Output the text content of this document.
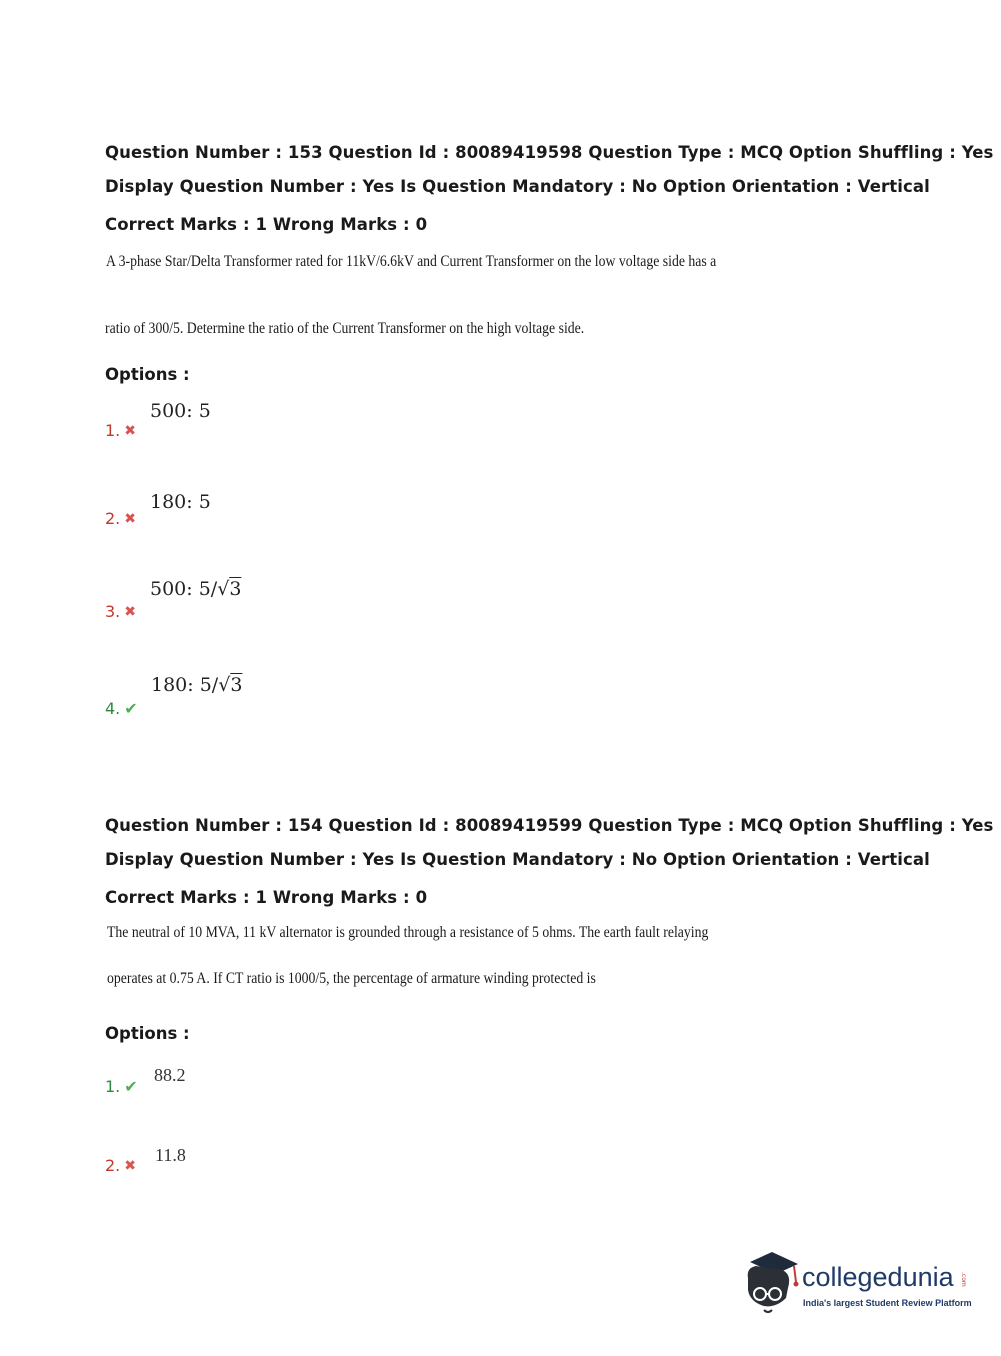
Question Number : 153 Question Id : 80089419598 Question Type : MCQ Option Shuffling : Yes
Display Question Number : Yes Is Question Mandatory : No Option Orientation : Vertical
Correct Marks : 1 Wrong Marks : 0
A 3-phase Star/Delta Transformer rated for 11kV/6.6kV and Current Transformer on the low voltage side has a
ratio of 300/5. Determine the ratio of the Current Transformer on the high voltage side.
Options :
500: 5
1. ✖
180: 5
2. ✖
500: 5/√3
3. ✖
180: 5/√3
4. ✔
Question Number : 154 Question Id : 80089419599 Question Type : MCQ Option Shuffling : Yes
Display Question Number : Yes Is Question Mandatory : No Option Orientation : Vertical
Correct Marks : 1 Wrong Marks : 0
The neutral of 10 MVA, 11 kV alternator is grounded through a resistance of 5 ohms. The earth fault relaying
operates at 0.75 A. If CT ratio is 1000/5, the percentage of armature winding protected is
Options :
88.2
1. ✔
11.8
2. ✖
collegedunia .com
India's largest Student Review Platform
